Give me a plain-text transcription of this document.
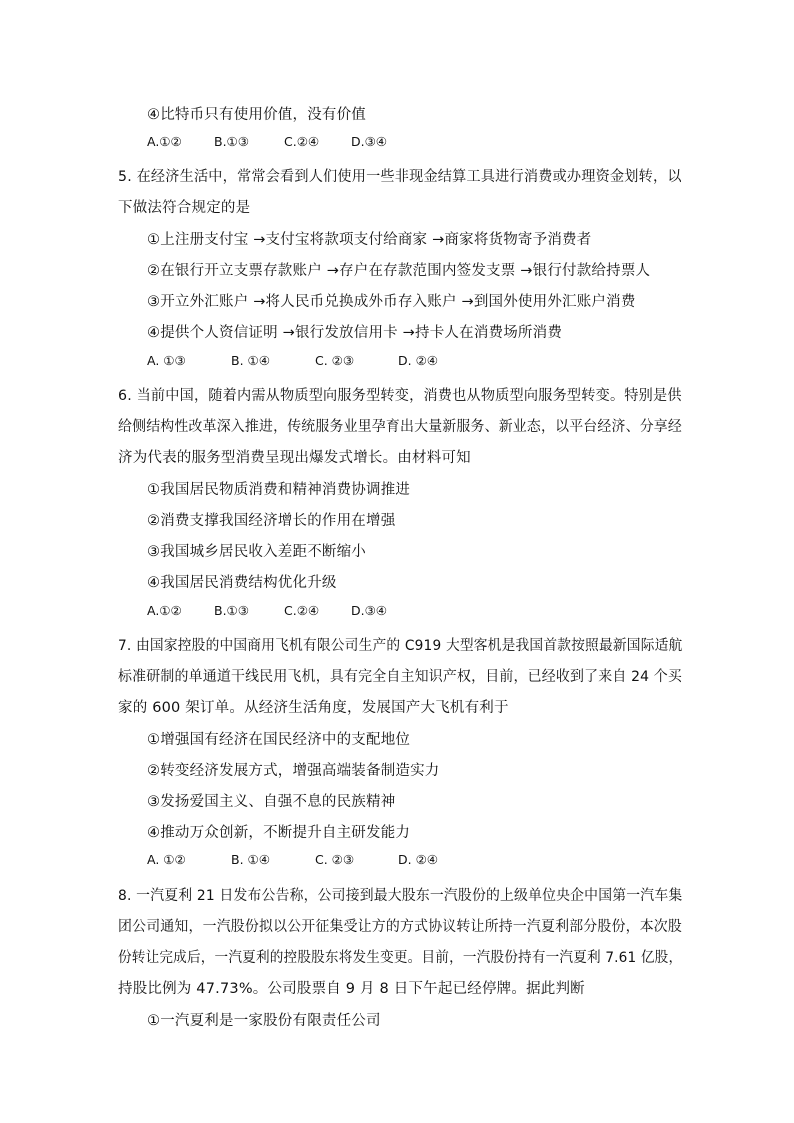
④比特币只有使用价值，没有价值
A.①②	B.①③	C.②④	D.③④
5. 在经济生活中，常常会看到人们使用一些非现金结算工具进行消费或办理资金划转，以
下做法符合规定的是
①上注册支付宝 →支付宝将款项支付给商家 →商家将货物寄予消费者
②在银行开立支票存款账户 →存户在存款范围内签发支票 →银行付款给持票人
③开立外汇账户 →将人民币兑换成外币存入账户 →到国外使用外汇账户消费
④提供个人资信证明 →银行发放信用卡 →持卡人在消费场所消费
A. ①③	B. ①④	C. ②③	D. ②④
6. 当前中国，随着内需从物质型向服务型转变，消费也从物质型向服务型转变。特别是供
给侧结构性改革深入推进，传统服务业里孕育出大量新服务、新业态，以平台经济、分享经
济为代表的服务型消费呈现出爆发式增长。由材料可知
①我国居民物质消费和精神消费协调推进
②消费支撑我国经济增长的作用在增强
③我国城乡居民收入差距不断缩小
④我国居民消费结构优化升级
A.①②	B.①③	C.②④	D.③④
7. 由国家控股的中国商用飞机有限公司生产的 C919 大型客机是我国首款按照最新国际适航
标准研制的单通道干线民用飞机，具有完全自主知识产权，目前，已经收到了来自 24 个买
家的 600 架订单。从经济生活角度，发展国产大飞机有利于
①增强国有经济在国民经济中的支配地位
②转变经济发展方式，增强高端装备制造实力
③发扬爱国主义、自强不息的民族精神
④推动万众创新，不断提升自主研发能力
A. ①②	B. ①④	C. ②③	D. ②④
8. 一汽夏利 21 日发布公告称，公司接到最大股东一汽股份的上级单位央企中国第一汽车集
团公司通知，一汽股份拟以公开征集受让方的方式协议转让所持一汽夏利部分股份，本次股
份转让完成后，一汽夏利的控股股东将发生变更。目前，一汽股份持有一汽夏利 7.61 亿股，
持股比例为 47.73%。公司股票自 9 月 8 日下午起已经停牌。据此判断
①一汽夏利是一家股份有限责任公司
